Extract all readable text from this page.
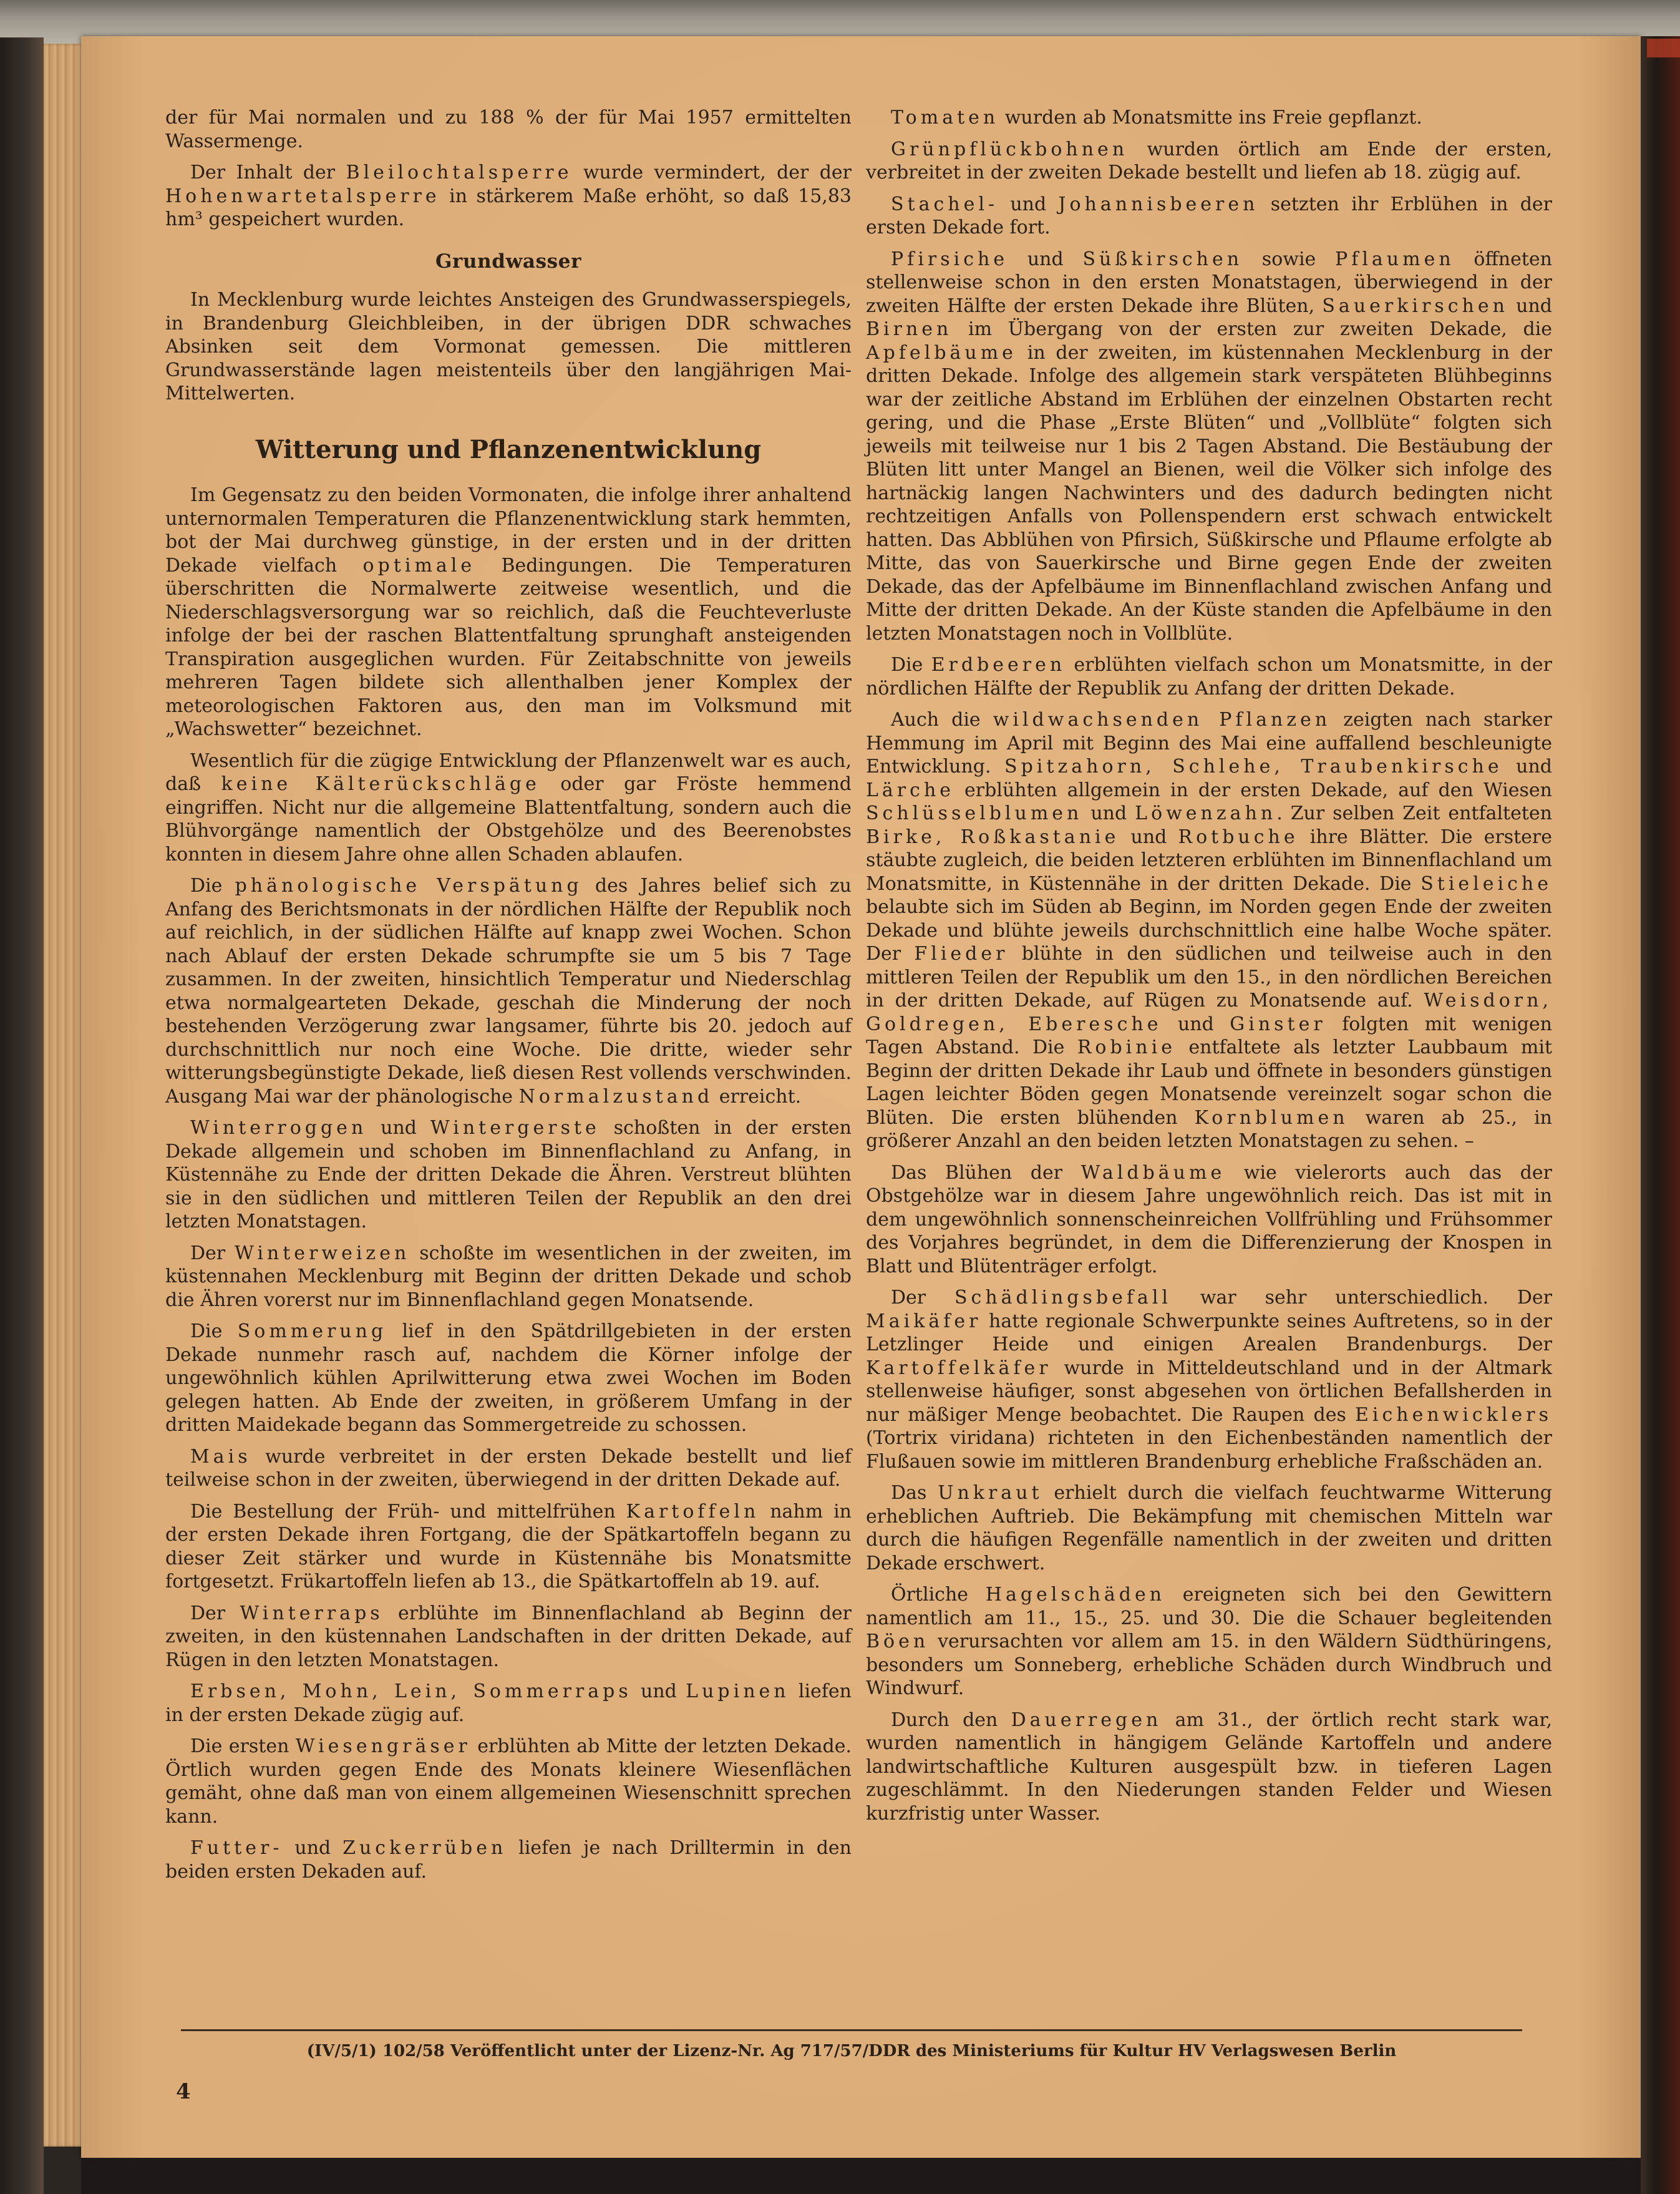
der für Mai normalen und zu 188 % der für Mai 1957 ermittelten Wassermenge.

Der Inhalt der Bleilochtalsperre wurde vermindert, der der Hohenwartetalsperre in stärkerem Maße erhöht, so daß 15,83 hm³ gespeichert wurden.

Grundwasser

In Mecklenburg wurde leichtes Ansteigen des Grundwasserspiegels, in Brandenburg Gleichbleiben, in der übrigen DDR schwaches Absinken seit dem Vormonat gemessen. Die mittleren Grundwasserstände lagen meistenteils über den langjährigen Mai-Mittelwerten.

Witterung und Pflanzenentwicklung

Im Gegensatz zu den beiden Vormonaten, die infolge ihrer anhaltend unternormalen Temperaturen die Pflanzenentwicklung stark hemmten, bot der Mai durchweg günstige, in der ersten und in der dritten Dekade vielfach optimale Bedingungen. Die Temperaturen überschritten die Normalwerte zeitweise wesentlich, und die Niederschlagsversorgung war so reichlich, daß die Feuchteverluste infolge der bei der raschen Blattentfaltung sprunghaft ansteigenden Transpiration ausgeglichen wurden. Für Zeitabschnitte von jeweils mehreren Tagen bildete sich allenthalben jener Komplex der meteorologischen Faktoren aus, den man im Volksmund mit „Wachswetter“ bezeichnet.

Wesentlich für die zügige Entwicklung der Pflanzenwelt war es auch, daß keine Kälterückschläge oder gar Fröste hemmend eingriffen. Nicht nur die allgemeine Blattentfaltung, sondern auch die Blühvorgänge namentlich der Obstgehölze und des Beerenobstes konnten in diesem Jahre ohne allen Schaden ablaufen.

Die phänologische Verspätung des Jahres belief sich zu Anfang des Berichtsmonats in der nördlichen Hälfte der Republik noch auf reichlich, in der südlichen Hälfte auf knapp zwei Wochen. Schon nach Ablauf der ersten Dekade schrumpfte sie um 5 bis 7 Tage zusammen. In der zweiten, hinsichtlich Temperatur und Niederschlag etwa normalgearteten Dekade, geschah die Minderung der noch bestehenden Verzögerung zwar langsamer, führte bis 20. jedoch auf durchschnittlich nur noch eine Woche. Die dritte, wieder sehr witterungsbegünstigte Dekade, ließ diesen Rest vollends verschwinden. Ausgang Mai war der phänologische Normalzustand erreicht.

Winterroggen und Wintergerste schoßten in der ersten Dekade allgemein und schoben im Binnenflachland zu Anfang, in Küstennähe zu Ende der dritten Dekade die Ähren. Verstreut blühten sie in den südlichen und mittleren Teilen der Republik an den drei letzten Monatstagen.

Der Winterweizen schoßte im wesentlichen in der zweiten, im küstennahen Mecklenburg mit Beginn der dritten Dekade und schob die Ähren vorerst nur im Binnenflachland gegen Monatsende.

Die Sommerung lief in den Spätdrillgebieten in der ersten Dekade nunmehr rasch auf, nachdem die Körner infolge der ungewöhnlich kühlen Aprilwitterung etwa zwei Wochen im Boden gelegen hatten. Ab Ende der zweiten, in größerem Umfang in der dritten Maidekade begann das Sommergetreide zu schossen.

Mais wurde verbreitet in der ersten Dekade bestellt und lief teilweise schon in der zweiten, überwiegend in der dritten Dekade auf.

Die Bestellung der Früh- und mittelfrühen Kartoffeln nahm in der ersten Dekade ihren Fortgang, die der Spätkartoffeln begann zu dieser Zeit stärker und wurde in Küstennähe bis Monatsmitte fortgesetzt. Frükartoffeln liefen ab 13., die Spätkartoffeln ab 19. auf.

Der Winterraps erblühte im Binnenflachland ab Beginn der zweiten, in den küstennahen Landschaften in der dritten Dekade, auf Rügen in den letzten Monatstagen.

Erbsen, Mohn, Lein, Sommerraps und Lupinen liefen in der ersten Dekade zügig auf.

Die ersten Wiesengräser erblühten ab Mitte der letzten Dekade. Örtlich wurden gegen Ende des Monats kleinere Wiesenflächen gemäht, ohne daß man von einem allgemeinen Wiesenschnitt sprechen kann.

Futter- und Zuckerrüben liefen je nach Drilltermin in den beiden ersten Dekaden auf.

Tomaten wurden ab Monatsmitte ins Freie gepflanzt.

Grünpflückbohnen wurden örtlich am Ende der ersten, verbreitet in der zweiten Dekade bestellt und liefen ab 18. zügig auf.

Stachel- und Johannisbeeren setzten ihr Erblühen in der ersten Dekade fort.

Pfirsiche und Süßkirschen sowie Pflaumen öffneten stellenweise schon in den ersten Monatstagen, überwiegend in der zweiten Hälfte der ersten Dekade ihre Blüten, Sauerkirschen und Birnen im Übergang von der ersten zur zweiten Dekade, die Apfelbäume in der zweiten, im küstennahen Mecklenburg in der dritten Dekade. Infolge des allgemein stark verspäteten Blühbeginns war der zeitliche Abstand im Erblühen der einzelnen Obstarten recht gering, und die Phase „Erste Blüten“ und „Vollblüte“ folgten sich jeweils mit teilweise nur 1 bis 2 Tagen Abstand. Die Bestäubung der Blüten litt unter Mangel an Bienen, weil die Völker sich infolge des hartnäckig langen Nachwinters und des dadurch bedingten nicht rechtzeitigen Anfalls von Pollenspendern erst schwach entwickelt hatten. Das Abblühen von Pfirsich, Süßkirsche und Pflaume erfolgte ab Mitte, das von Sauerkirsche und Birne gegen Ende der zweiten Dekade, das der Apfelbäume im Binnenflachland zwischen Anfang und Mitte der dritten Dekade. An der Küste standen die Apfelbäume in den letzten Monatstagen noch in Vollblüte.

Die Erdbeeren erblühten vielfach schon um Monatsmitte, in der nördlichen Hälfte der Republik zu Anfang der dritten Dekade.

Auch die wildwachsenden Pflanzen zeigten nach starker Hemmung im April mit Beginn des Mai eine auffallend beschleunigte Entwicklung. Spitzahorn, Schlehe, Traubenkirsche und Lärche erblühten allgemein in der ersten Dekade, auf den Wiesen Schlüsselblumen und Löwenzahn. Zur selben Zeit entfalteten Birke, Roßkastanie und Rotbuche ihre Blätter. Die erstere stäubte zugleich, die beiden letzteren erblühten im Binnenflachland um Monatsmitte, in Küstennähe in der dritten Dekade. Die Stieleiche belaubte sich im Süden ab Beginn, im Norden gegen Ende der zweiten Dekade und blühte jeweils durchschnittlich eine halbe Woche später. Der Flieder blühte in den südlichen und teilweise auch in den mittleren Teilen der Republik um den 15., in den nördlichen Bereichen in der dritten Dekade, auf Rügen zu Monatsende auf. Weisdorn, Goldregen, Eberesche und Ginster folgten mit wenigen Tagen Abstand. Die Robinie entfaltete als letzter Laubbaum mit Beginn der dritten Dekade ihr Laub und öffnete in besonders günstigen Lagen leichter Böden gegen Monatsende vereinzelt sogar schon die Blüten. Die ersten blühenden Kornblumen waren ab 25., in größerer Anzahl an den beiden letzten Monatstagen zu sehen. –

Das Blühen der Waldbäume wie vielerorts auch das der Obstgehölze war in diesem Jahre ungewöhnlich reich. Das ist mit in dem ungewöhnlich sonnenscheinreichen Vollfrühling und Frühsommer des Vorjahres begründet, in dem die Differenzierung der Knospen in Blatt und Blütenträger erfolgt.

Der Schädlingsbefall war sehr unterschiedlich. Der Maikäfer hatte regionale Schwerpunkte seines Auftretens, so in der Letzlinger Heide und einigen Arealen Brandenburgs. Der Kartoffelkäfer wurde in Mitteldeutschland und in der Altmark stellenweise häufiger, sonst abgesehen von örtlichen Befallsherden in nur mäßiger Menge beobachtet. Die Raupen des Eichenwicklers (Tortrix viridana) richteten in den Eichenbeständen namentlich der Flußauen sowie im mittleren Brandenburg erhebliche Fraßschäden an.

Das Unkraut erhielt durch die vielfach feuchtwarme Witterung erheblichen Auftrieb. Die Bekämpfung mit chemischen Mitteln war durch die häufigen Regenfälle namentlich in der zweiten und dritten Dekade erschwert.

Örtliche Hagelschäden ereigneten sich bei den Gewittern namentlich am 11., 15., 25. und 30. Die die Schauer begleitenden Böen verursachten vor allem am 15. in den Wäldern Südthüringens, besonders um Sonneberg, erhebliche Schäden durch Windbruch und Windwurf.

Durch den Dauerregen am 31., der örtlich recht stark war, wurden namentlich in hängigem Gelände Kartoffeln und andere landwirtschaftliche Kulturen ausgespült bzw. in tieferen Lagen zugeschlämmt. In den Niederungen standen Felder und Wiesen kurzfristig unter Wasser.

(IV/5/1) 102/58 Veröffentlicht unter der Lizenz-Nr. Ag 717/57/DDR des Ministeriums für Kultur HV Verlagswesen Berlin
4
